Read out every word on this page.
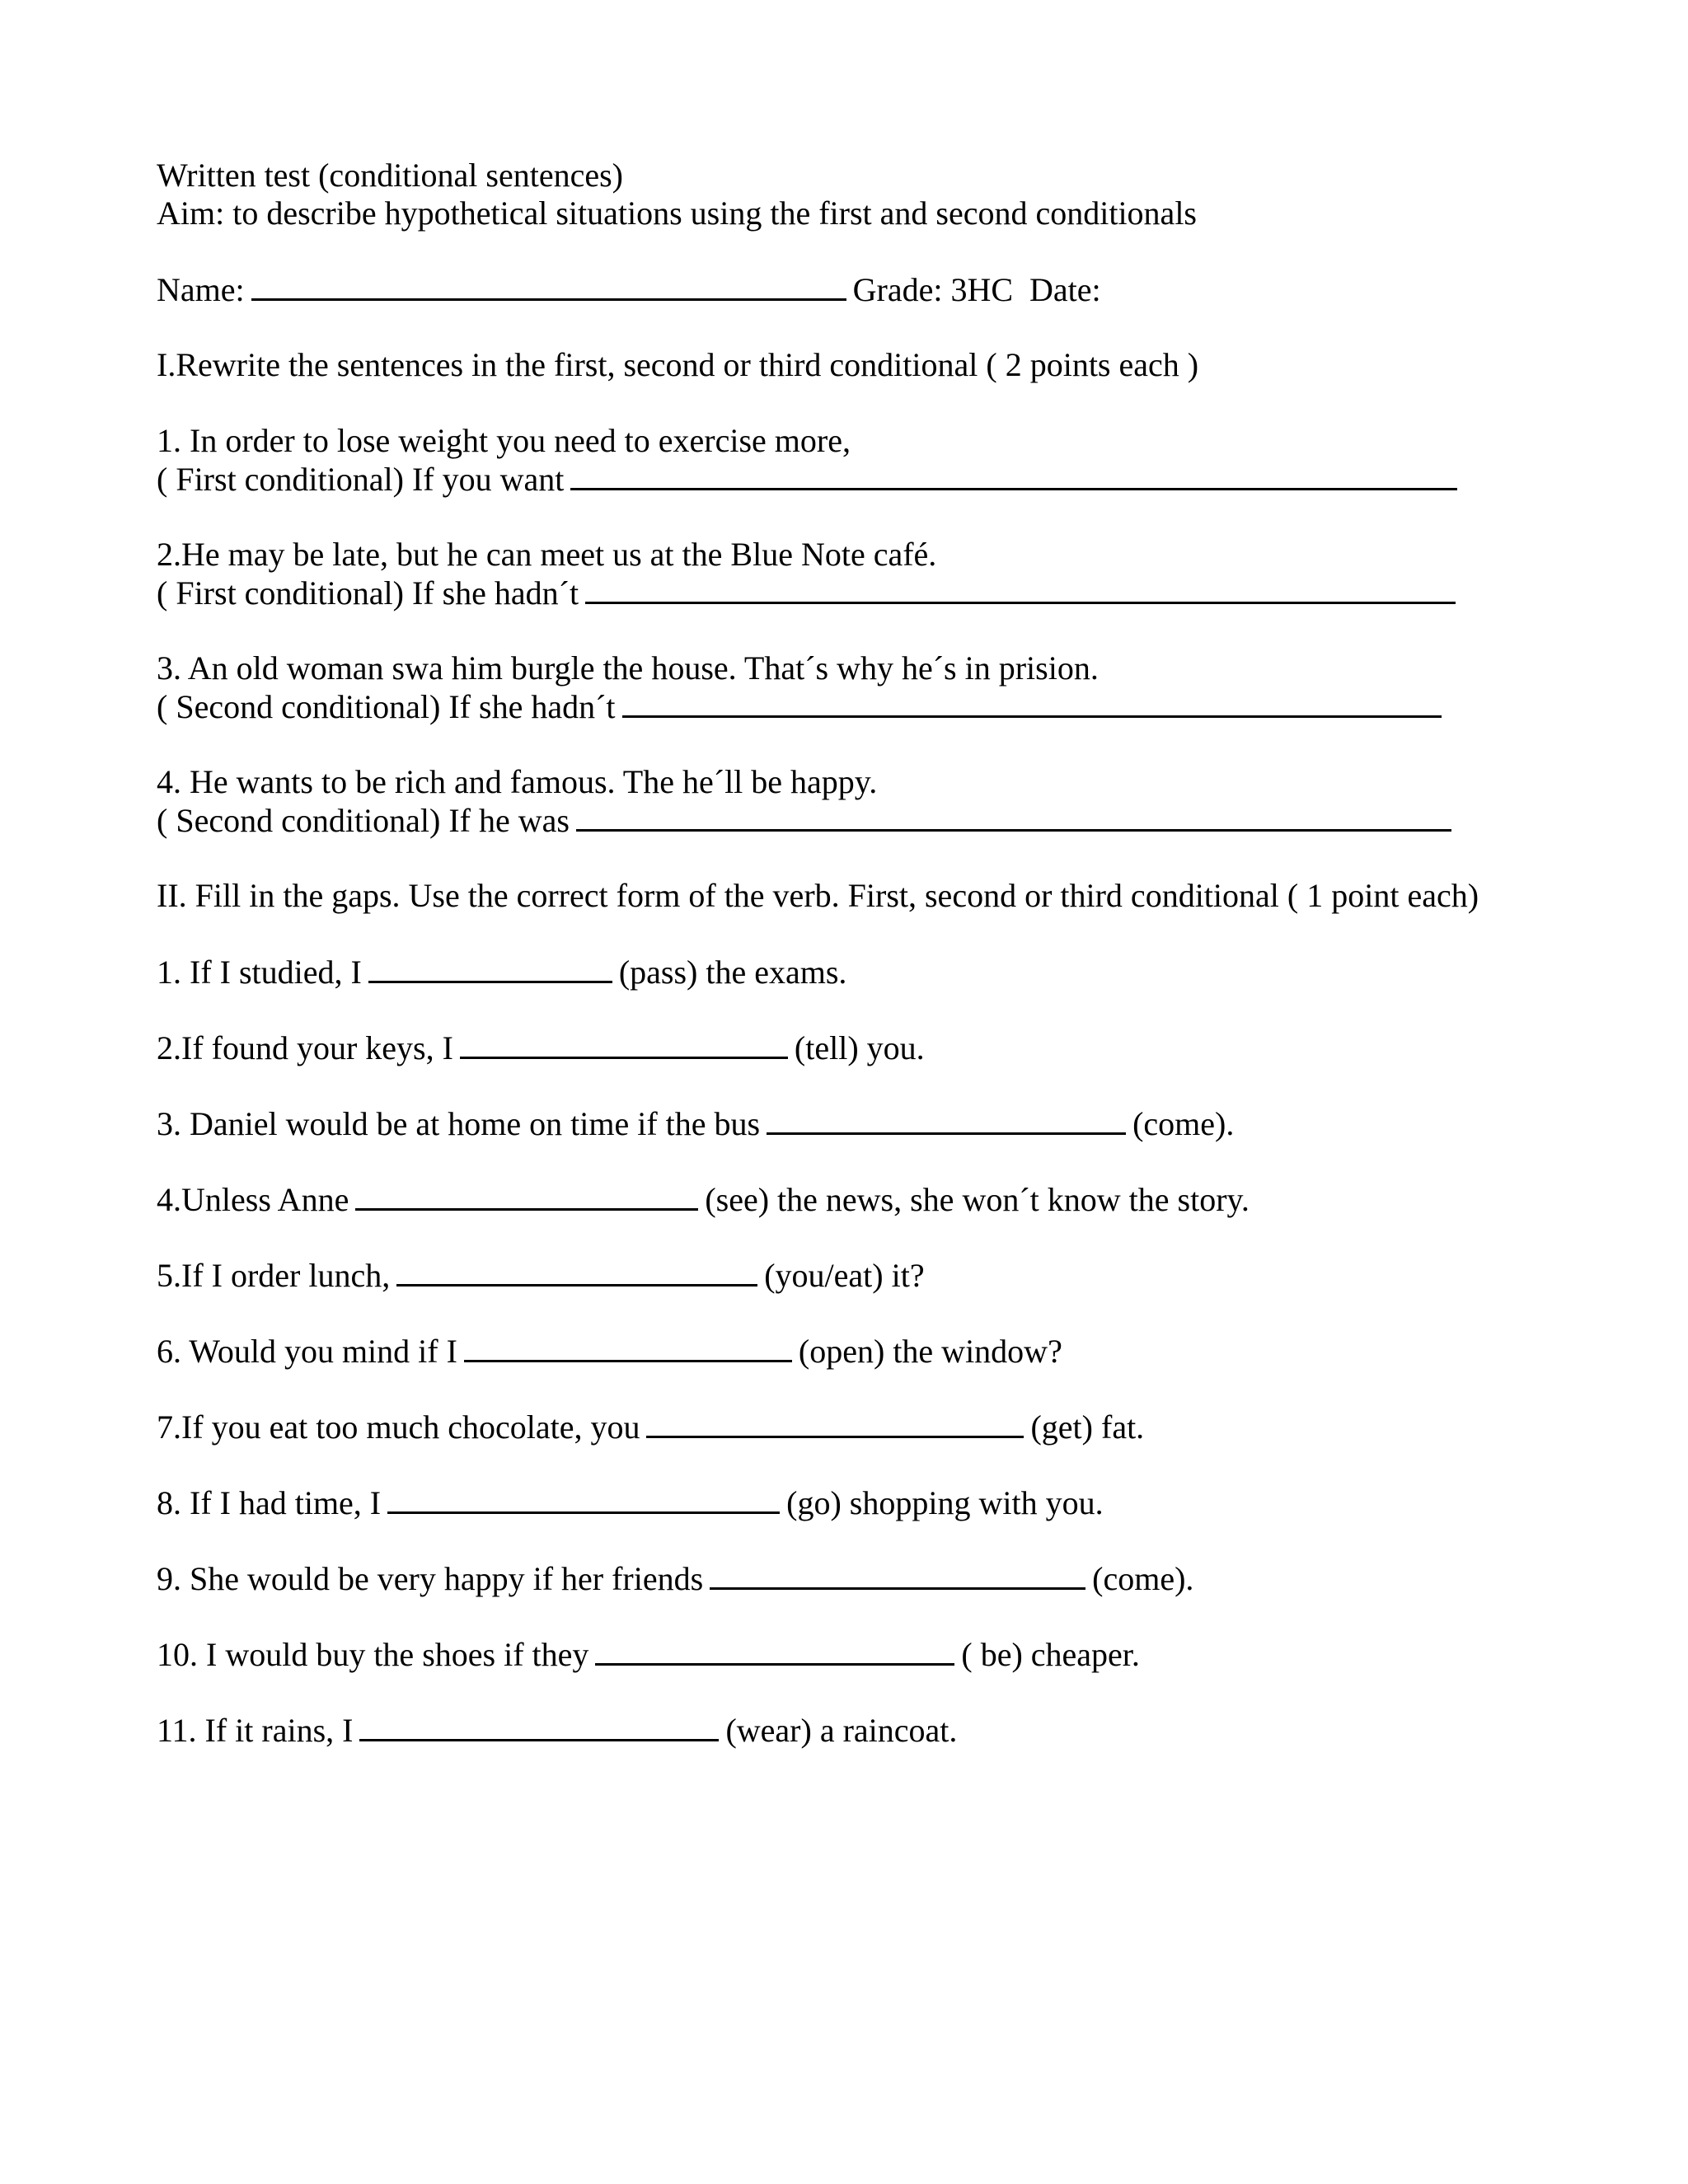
Written test (conditional sentences)

Aim: to describe hypothetical situations using the first and second conditionals

Name:	Grade: 3HC Date:

I.Rewrite the sentences in the first, second or third conditional ( 2 points each )

1. In order to lose weight you need to exercise more,

( First conditional) If you want

2.He may be late, but he can meet us at the Blue Note café.

( First conditional) If she hadn´t

3. An old woman swa him burgle the house. That´s why he´s in prision.

( Second conditional) If she hadn´t

4. He wants to be rich and famous. The he´ll be happy.

( Second conditional) If he was

II. Fill in the gaps. Use the correct form of the verb. First, second or third conditional ( 1 point each)

1. If I studied, I	(pass) the exams.

2.If found your keys, I	(tell) you.

3. Daniel would be at home on time if the bus	(come).

4.Unless Anne	(see) the news, she won´t know the story.

5.If I order lunch,	(you/eat) it?

6. Would you mind if I	(open) the window?

7.If you eat too much chocolate, you	(get) fat.

8. If I had time, I	(go) shopping with you.

9. She would be very happy if her friends	(come).

10. I would buy the shoes if they	( be) cheaper.

11. If it rains, I	(wear) a raincoat.
